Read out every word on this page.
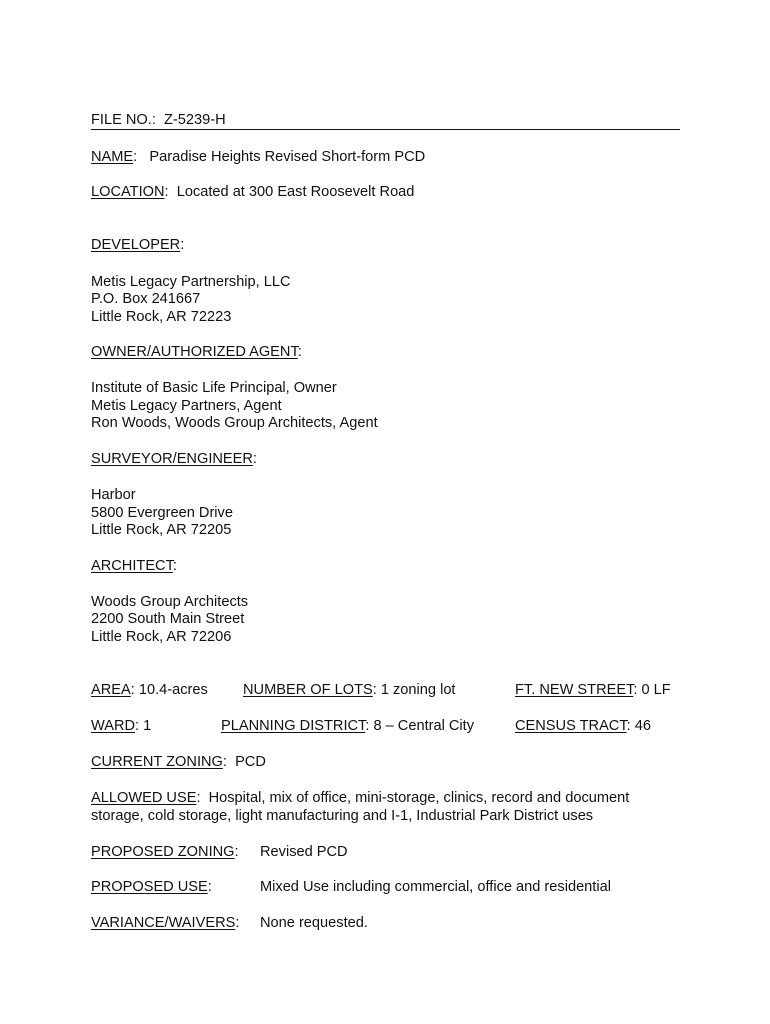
FILE NO.:  Z-5239-H
NAME:   Paradise Heights Revised Short-form PCD
LOCATION:  Located at 300 East Roosevelt Road
DEVELOPER:
Metis Legacy Partnership, LLC
P.O. Box 241667
Little Rock, AR 72223
OWNER/AUTHORIZED AGENT:
Institute of Basic Life Principal, Owner
Metis Legacy Partners, Agent
Ron Woods, Woods Group Architects, Agent
SURVEYOR/ENGINEER:
Harbor
5800 Evergreen Drive
Little Rock, AR 72205
ARCHITECT:
Woods Group Architects
2200 South Main Street
Little Rock, AR 72206
AREA: 10.4-acres NUMBER OF LOTS: 1 zoning lot	FT. NEW STREET: 0 LF
WARD: 1	PLANNING DISTRICT: 8 – Central City	CENSUS TRACT: 46
CURRENT ZONING:  PCD
ALLOWED USE:  Hospital, mix of office, mini-storage, clinics, record and document
storage, cold storage, light manufacturing and I-1, Industrial Park District uses
PROPOSED ZONING: Revised PCD
PROPOSED USE:	Mixed Use including commercial, office and residential
VARIANCE/WAIVERS: None requested.
